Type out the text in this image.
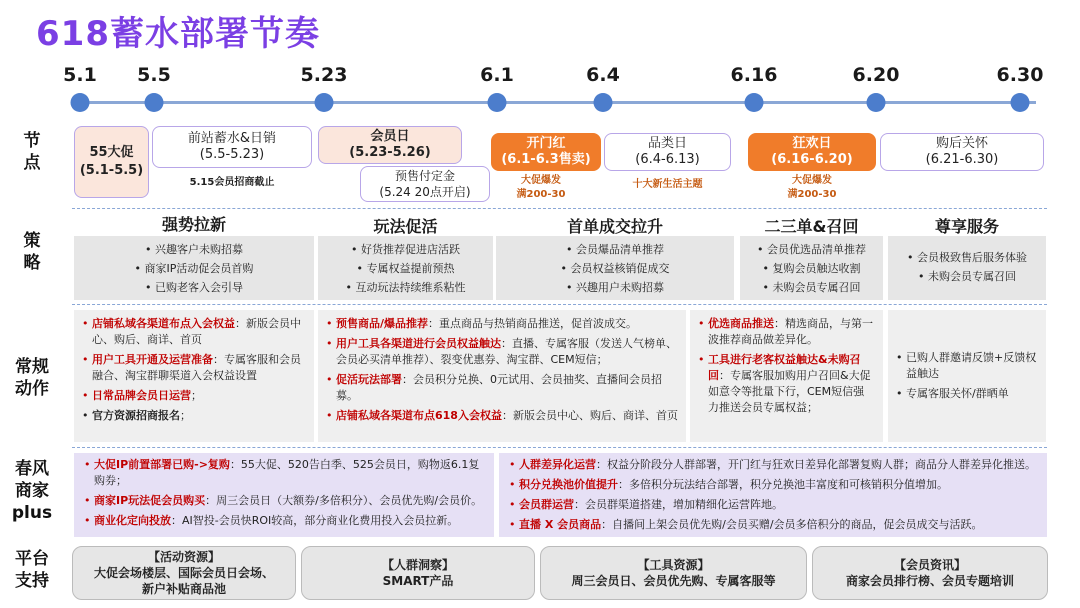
618蓄水部署节奏
5.1 5.5	5.23	6.1	6.4	6.16	6.20	6.30
节
点
策
略
常规
动作
春风
商家
plus
平台
支持
55大促
(5.1-5.5)
前站蓄水&日销
(5.5-5.23)
5.15会员招商截止
会员日
(5.23-5.26)
预售付定金
(5.24 20点开启)
开门红
(6.1-6.3售卖)
大促爆发
满200-30
品类日
(6.4-6.13)
十大新生活主题
狂欢日
(6.16-6.20)
大促爆发
满200-30
购后关怀
(6.21-6.30)
强势拉新	玩法促活	首单成交拉升	二三单&召回	尊享服务
• 兴趣客户未购招募
• 商家IP活动促会员首购
• 已购老客入会引导
• 好货推荐促进店活跃
• 专属权益提前预热
• 互动玩法持续维系粘性
• 会员爆品清单推荐
• 会员权益核销促成交
• 兴趣用户未购招募
• 会员优选品清单推荐
• 复购会员触达收割
• 未购会员专属召回
• 会员极致售后服务体验
• 未购会员专属召回
• 店铺私域各渠道布点入会权益：新版会员中心、购后、商详、首页
• 用户工具开通及运营准备：专属客服和会员融合、淘宝群聊渠道入会权益设置
• 日常品牌会员日运营；
• 官方资源招商报名；
• 预售商品/爆品推荐：重点商品与热销商品推送，促首波成交。
• 用户工具各渠道进行会员权益触达：直播、专属客服（发送人气榜单、会员必买清单推荐）、裂变优惠券、淘宝群、CEM短信；
• 促活玩法部署：会员积分兑换、0元试用、会员抽奖、直播间会员招募。
• 店铺私域各渠道布点618入会权益：新版会员中心、购后、商详、首页
• 优选商品推送：精选商品，与第一波推荐商品做差异化。
• 工具进行老客权益触达&未购召回：专属客服加购用户召回&大促如意令等批量下行，CEM短信强力推送会员专属权益；
• 已购人群邀请反馈+反馈权益触达
• 专属客服关怀/群晒单
• 大促IP前置部署已购->复购：55大促、520告白季、525会员日，购物返6.1复购券；
• 商家IP玩法促会员购买：周三会员日（大额券/多倍积分）、会员优先购/会员价。
• 商业化定向投放：AI智投-会员快ROI较高，部分商业化费用投入会员拉新。
• 人群差异化运营：权益分阶段分人群部署，开门红与狂欢日差异化部署复购人群；商品分人群差异化推送。
• 积分兑换池价值提升：多倍积分玩法结合部署，积分兑换池丰富度和可核销积分值增加。
• 会员群运营：会员群渠道搭建，增加精细化运营阵地。
• 直播 X 会员商品：自播间上架会员优先购/会员买赠/会员多倍积分的商品，促会员成交与活跃。
【活动资源】
大促会场楼层、国际会员日会场、
新户补贴商品池
【人群洞察】
SMART产品
【工具资源】
周三会员日、会员优先购、专属客服等
【会员资讯】
商家会员排行榜、会员专题培训
